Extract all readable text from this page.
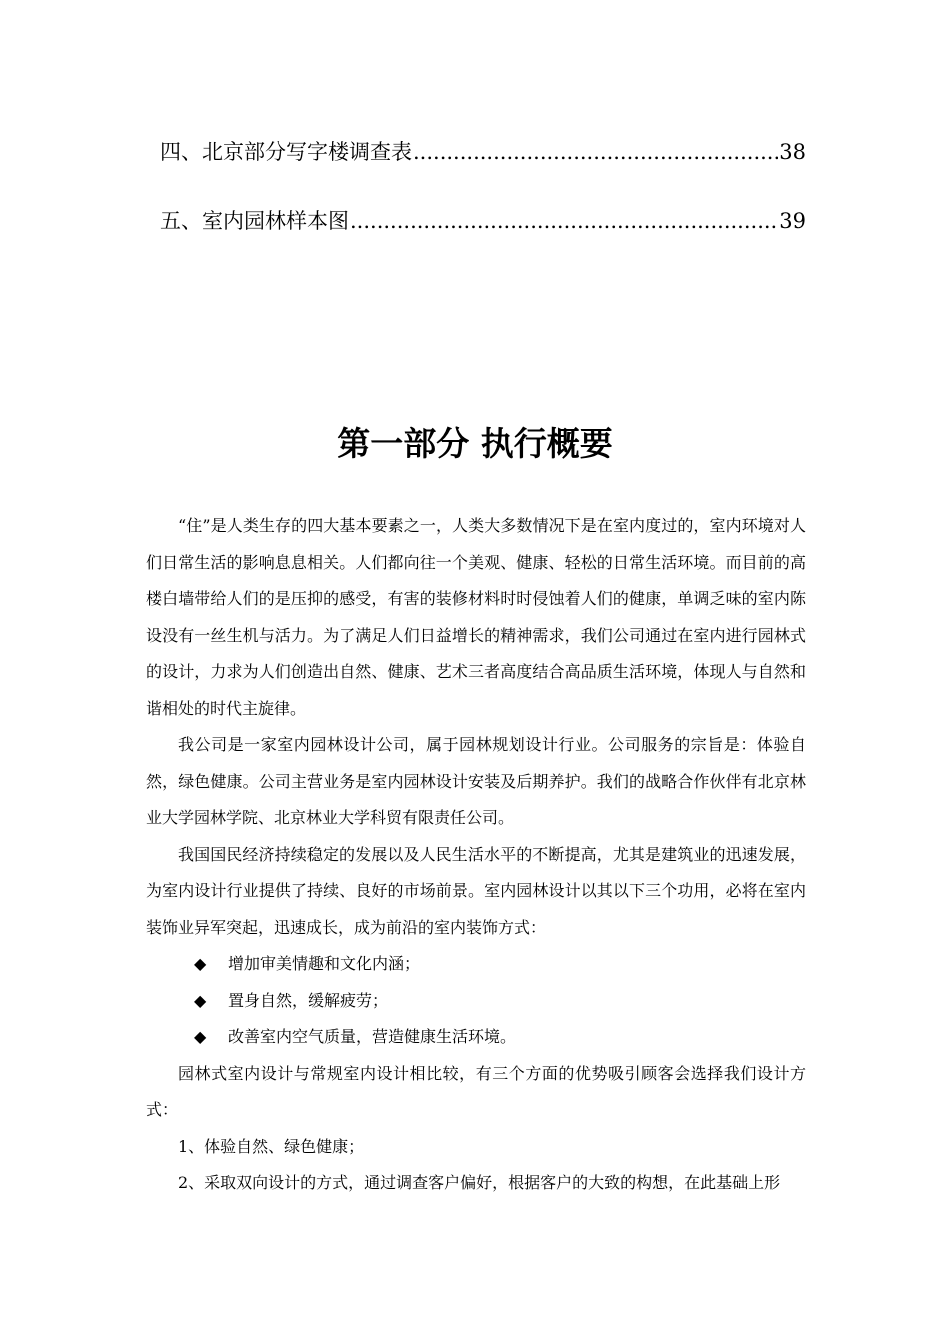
四、北京部分写字楼调查表 .....	38
五、室内园林样本图 .....	39
第一部分 执行概要

“住”是人类生存的四大基本要素之一，人类大多数情况下是在室内度过的，室内环境对人们日常生活的影响息息相关。人们都向往一个美观、健康、轻松的日常生活环境。而目前的高楼白墙带给人们的是压抑的感受，有害的装修材料时时侵蚀着人们的健康，单调乏味的室内陈设没有一丝生机与活力。为了满足人们日益增长的精神需求，我们公司通过在室内进行园林式的设计，力求为人们创造出自然、健康、艺术三者高度结合高品质生活环境，体现人与自然和谐相处的时代主旋律。

我公司是一家室内园林设计公司，属于园林规划设计行业。公司服务的宗旨是：体验自然，绿色健康。公司主营业务是室内园林设计安装及后期养护。我们的战略合作伙伴有北京林业大学园林学院、北京林业大学科贸有限责任公司。

我国国民经济持续稳定的发展以及人民生活水平的不断提高，尤其是建筑业的迅速发展，为室内设计行业提供了持续、良好的市场前景。室内园林设计以其以下三个功用，必将在室内装饰业异军突起，迅速成长，成为前沿的室内装饰方式：

◆	增加审美情趣和文化内涵；
◆	置身自然，缓解疲劳；
◆	改善室内空气质量，营造健康生活环境。

园林式室内设计与常规室内设计相比较，有三个方面的优势吸引顾客会选择我们设计方式：

1、体验自然、绿色健康；

2、采取双向设计的方式，通过调查客户偏好，根据客户的大致的构想，在此基础上形
